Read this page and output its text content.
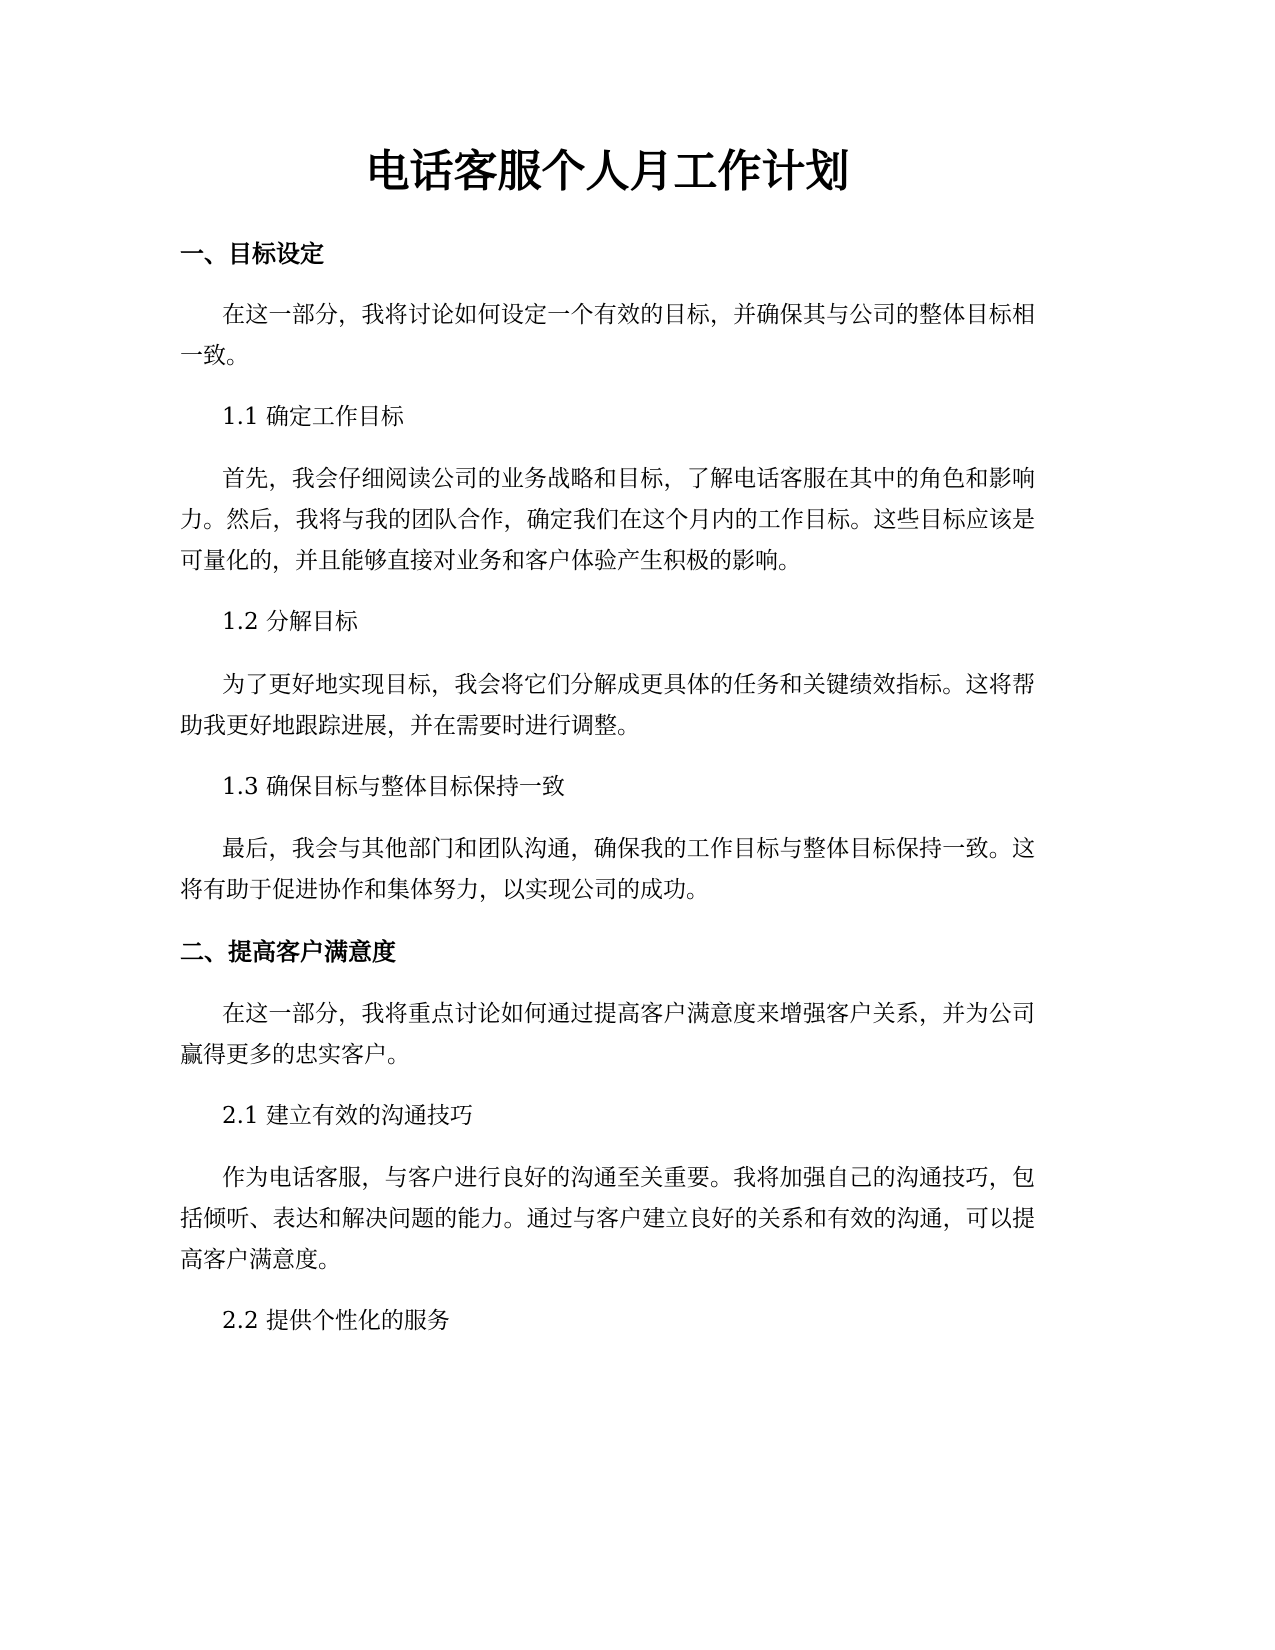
电话客服个人月工作计划
一、目标设定
在这一部分，我将讨论如何设定一个有效的目标，并确保其与公司的整体目标相一致。
1.1 确定工作目标
首先，我会仔细阅读公司的业务战略和目标，了解电话客服在其中的角色和影响力。然后，我将与我的团队合作，确定我们在这个月内的工作目标。这些目标应该是可量化的，并且能够直接对业务和客户体验产生积极的影响。
1.2 分解目标
为了更好地实现目标，我会将它们分解成更具体的任务和关键绩效指标。这将帮助我更好地跟踪进展，并在需要时进行调整。
1.3 确保目标与整体目标保持一致
最后，我会与其他部门和团队沟通，确保我的工作目标与整体目标保持一致。这将有助于促进协作和集体努力，以实现公司的成功。
二、提高客户满意度
在这一部分，我将重点讨论如何通过提高客户满意度来增强客户关系，并为公司赢得更多的忠实客户。
2.1 建立有效的沟通技巧
作为电话客服，与客户进行良好的沟通至关重要。我将加强自己的沟通技巧，包括倾听、表达和解决问题的能力。通过与客户建立良好的关系和有效的沟通，可以提高客户满意度。
2.2 提供个性化的服务
